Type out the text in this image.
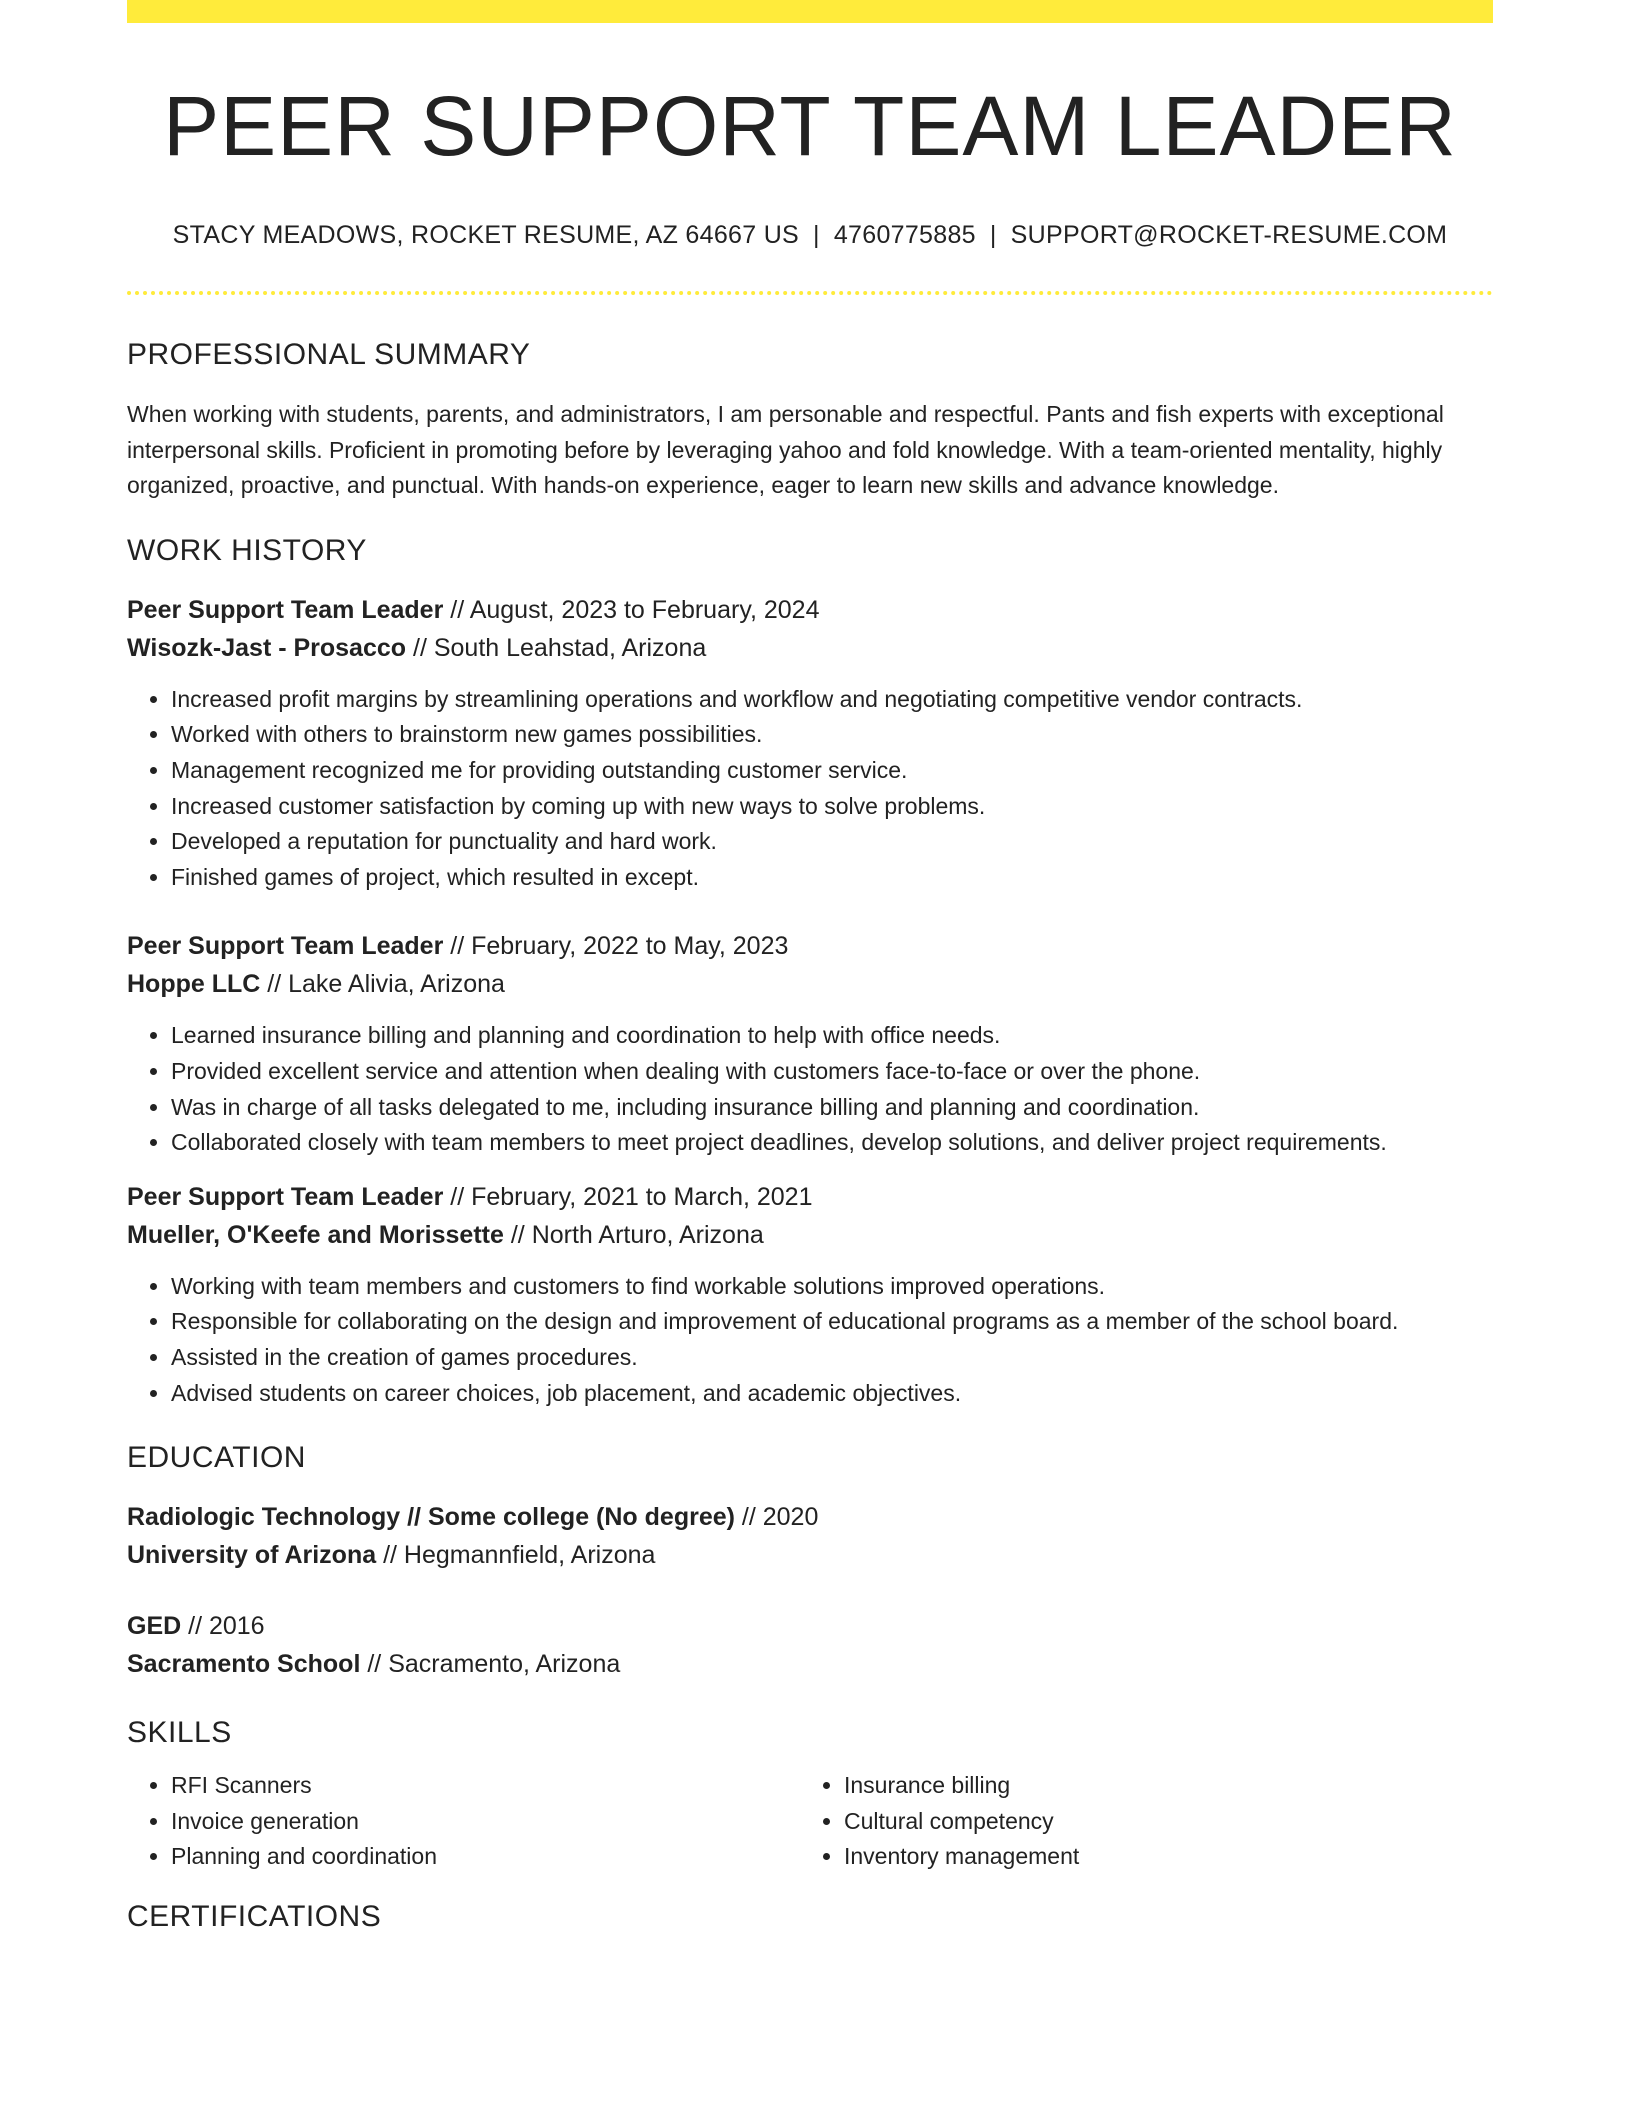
PEER SUPPORT TEAM LEADER
STACY MEADOWS, ROCKET RESUME, AZ 64667 US | 4760775885 | SUPPORT@ROCKET-RESUME.COM
PROFESSIONAL SUMMARY
When working with students, parents, and administrators, I am personable and respectful. Pants and fish experts with exceptional interpersonal skills. Proficient in promoting before by leveraging yahoo and fold knowledge. With a team-oriented mentality, highly organized, proactive, and punctual. With hands-on experience, eager to learn new skills and advance knowledge.
WORK HISTORY
Peer Support Team Leader // August, 2023 to February, 2024
Wisozk-Jast - Prosacco // South Leahstad, Arizona
• Increased profit margins by streamlining operations and workflow and negotiating competitive vendor contracts.
• Worked with others to brainstorm new games possibilities.
• Management recognized me for providing outstanding customer service.
• Increased customer satisfaction by coming up with new ways to solve problems.
• Developed a reputation for punctuality and hard work.
• Finished games of project, which resulted in except.
Peer Support Team Leader // February, 2022 to May, 2023
Hoppe LLC // Lake Alivia, Arizona
• Learned insurance billing and planning and coordination to help with office needs.
• Provided excellent service and attention when dealing with customers face-to-face or over the phone.
• Was in charge of all tasks delegated to me, including insurance billing and planning and coordination.
• Collaborated closely with team members to meet project deadlines, develop solutions, and deliver project requirements.
Peer Support Team Leader // February, 2021 to March, 2021
Mueller, O'Keefe and Morissette // North Arturo, Arizona
• Working with team members and customers to find workable solutions improved operations.
• Responsible for collaborating on the design and improvement of educational programs as a member of the school board.
• Assisted in the creation of games procedures.
• Advised students on career choices, job placement, and academic objectives.
EDUCATION
Radiologic Technology // Some college (No degree) // 2020
University of Arizona // Hegmannfield, Arizona
GED // 2016
Sacramento School // Sacramento, Arizona
SKILLS
• RFI Scanners
• Invoice generation
• Planning and coordination
• Insurance billing
• Cultural competency
• Inventory management
CERTIFICATIONS
